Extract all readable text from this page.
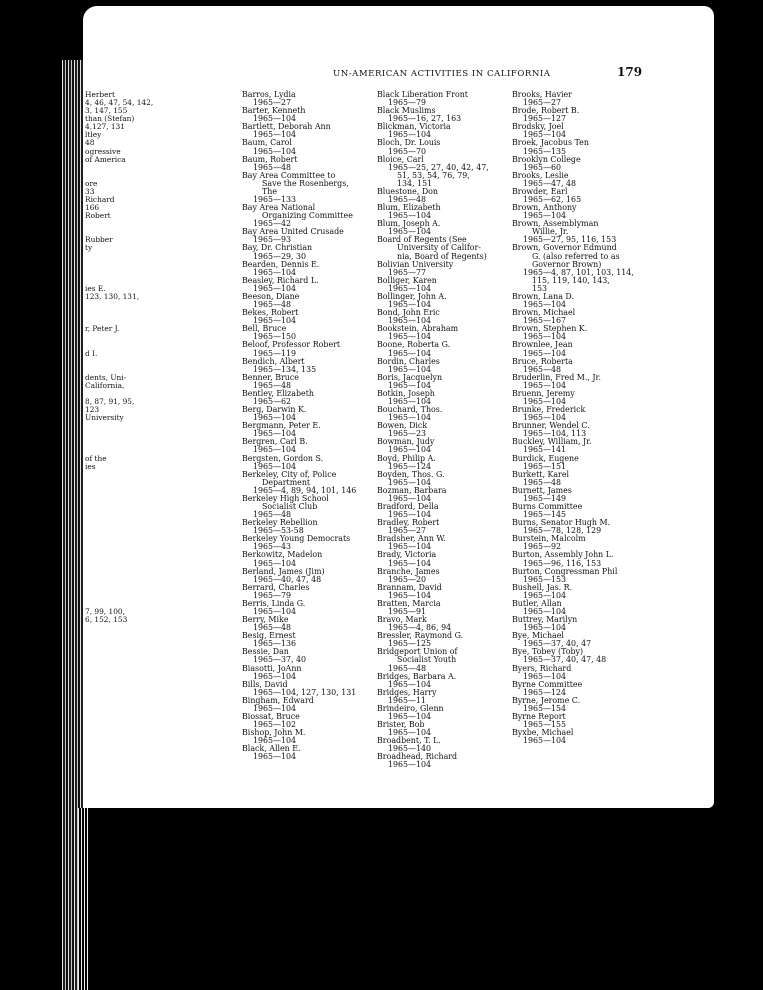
UN-AMERICAN ACTIVITIES IN CALIFORNIA	179
Herbert
4, 46, 47, 54, 142,
3, 147, 155
than (Stefan)
4,127, 131
ltley
48
ogressive
of America

ore
33
Richard
166
Robert

Rubber
ty

ies E.
123, 130, 131,

r, Peter J.

d I.

dents, Uni-
California,

8, 87, 91, 95,
123
University

of the
ies

7, 99, 100,
6, 152, 153
Barros, Lydia
1965—27
Barter, Kenneth
1965—104
Bartlett, Deborah Ann
1965—104
Baum, Carol
1965—104
Baum, Robert
1965—48
Bay Area Committee to
Save the Rosenbergs,
The
1965—133
Bay Area National
Organizing Committee
1965—42
Bay Area United Crusade
1965—93
Bay, Dr. Christian
1965—29, 30
Bearden, Dennis E.
1965—104
Beasley, Richard L.
1965—104
Beeson, Diane
1965—48
Bekes, Robert
1965—104
Bell, Bruce
1965—150
Beloof, Professor Robert
1965—119
Bendich, Albert
1965—134, 135
Benner, Bruce
1965—48
Bentley, Elizabeth
1965—62
Berg, Darwin K.
1965—104
Bergmann, Peter E.
1965—104
Bergren, Carl B.
1965—104
Bergsten, Gordon S.
1965—104
Berkeley, City of, Police
Department
1965—4, 89, 94, 101, 146
Berkeley High School
Socialist Club
1965—48
Berkeley Rebellion
1965—53-58
Berkeley Young Democrats
1965—43
Berkowitz, Madelon
1965—104
Berland, James (Jim)
1965—40, 47, 48
Berrard, Charles
1965—79
Berris, Linda G.
1965—104
Berry, Mike
1965—48
Besig, Ernest
1965—136
Bessie, Dan
1965—37, 40
Biasotti, JoAnn
1965—104
Bills, David
1965—104, 127, 130, 131
Bingham, Edward
1965—104
Biossat, Bruce
1965—102
Bishop, John M.
1965—104
Black, Allen E.
1965—104
Black Liberation Front
1965—79
Black Muslims
1965—16, 27, 163
Blickman, Victoria
1965—104
Bloch, Dr. Louis
1965—70
Bloice, Carl
1965—25, 27, 40, 42, 47,
51, 53, 54, 76, 79,
134, 151
Bluestone, Don
1965—48
Blum, Elizabeth
1965—104
Blum, Joseph A.
1965—104
Board of Regents (See
University of Califor-
nia, Board of Regents)
Bolivian University
1965—77
Bolliger, Karen
1965—104
Bollinger, John A.
1965—104
Bond, John Eric
1965—104
Bookstein, Abraham
1965—104
Boone, Roberta G.
1965—104
Bordin, Charles
1965—104
Boris, Jacquelyn
1965—104
Botkin, Joseph
1965—104
Bouchard, Thos.
1965—104
Bowen, Dick
1965—23
Bowman, Judy
1965—104
Boyd, Philip A.
1965—124
Boyden, Thos. G.
1965—104
Bozman, Barbara
1965—104
Bradford, Della
1965—104
Bradley, Robert
1965—27
Bradsher, Ann W.
1965—104
Brady, Victoria
1965—104
Branche, James
1965—20
Brannam, David
1965—104
Bratten, Marcia
1965—91
Bravo, Mark
1965—4, 86, 94
Bressler, Raymond G.
1965—125
Bridgeport Union of
Socialist Youth
1965—48
Bridges, Barbara A.
1965—104
Bridges, Harry
1965—11
Brindeiro, Glenn
1965—104
Brister, Bob
1965—104
Broadbent, T. L.
1965—140
Broadhead, Richard
1965—104
Brooks, Havier
1965—27
Brode, Robert B.
1965—127
Brodsky, Joel
1965—104
Broek, Jacobus Ten
1965—135
Brooklyn College
1965—60
Brooks, Leslie
1965—47, 48
Browder, Earl
1965—62, 165
Brown, Anthony
1965—104
Brown, Assemblyman
Willie, Jr.
1965—27, 95, 116, 153
Brown, Governor Edmund
G. (also referred to as
Governor Brown)
1965—4, 87, 101, 103, 114,
115, 119, 140, 143,
153
Brown, Lana D.
1965—104
Brown, Michael
1965—167
Brown, Stephen K.
1965—104
Brownlee, Jean
1965—104
Bruce, Roberta
1965—48
Bruderlin, Fred M., Jr.
1965—104
Bruenn, Jeremy
1965—104
Brunke, Frederick
1965—104
Brunner, Wendel C.
1965—104, 113
Buckley, William, Jr.
1965—141
Burdick, Eugene
1965—151
Burkett, Karel
1965—48
Burnett, James
1965—149
Burns Committee
1965—145
Burns, Senator Hugh M.
1965—78, 128, 129
Burstein, Malcolm
1965—92
Burton, Assembly John L.
1965—96, 116, 153
Burton, Congressman Phil
1965—153
Bushell, Jas. R.
1965—104
Butler, Allan
1965—104
Buttrey, Marilyn
1965—104
Bye, Michael
1965—37, 40, 47
Bye, Tobey (Toby)
1965—37, 40, 47, 48
Byers, Richard
1965—104
Byrne Committee
1965—124
Byrne, Jerome C.
1965—154
Byrne Report
1965—155
Byxbe, Michael
1965—104
